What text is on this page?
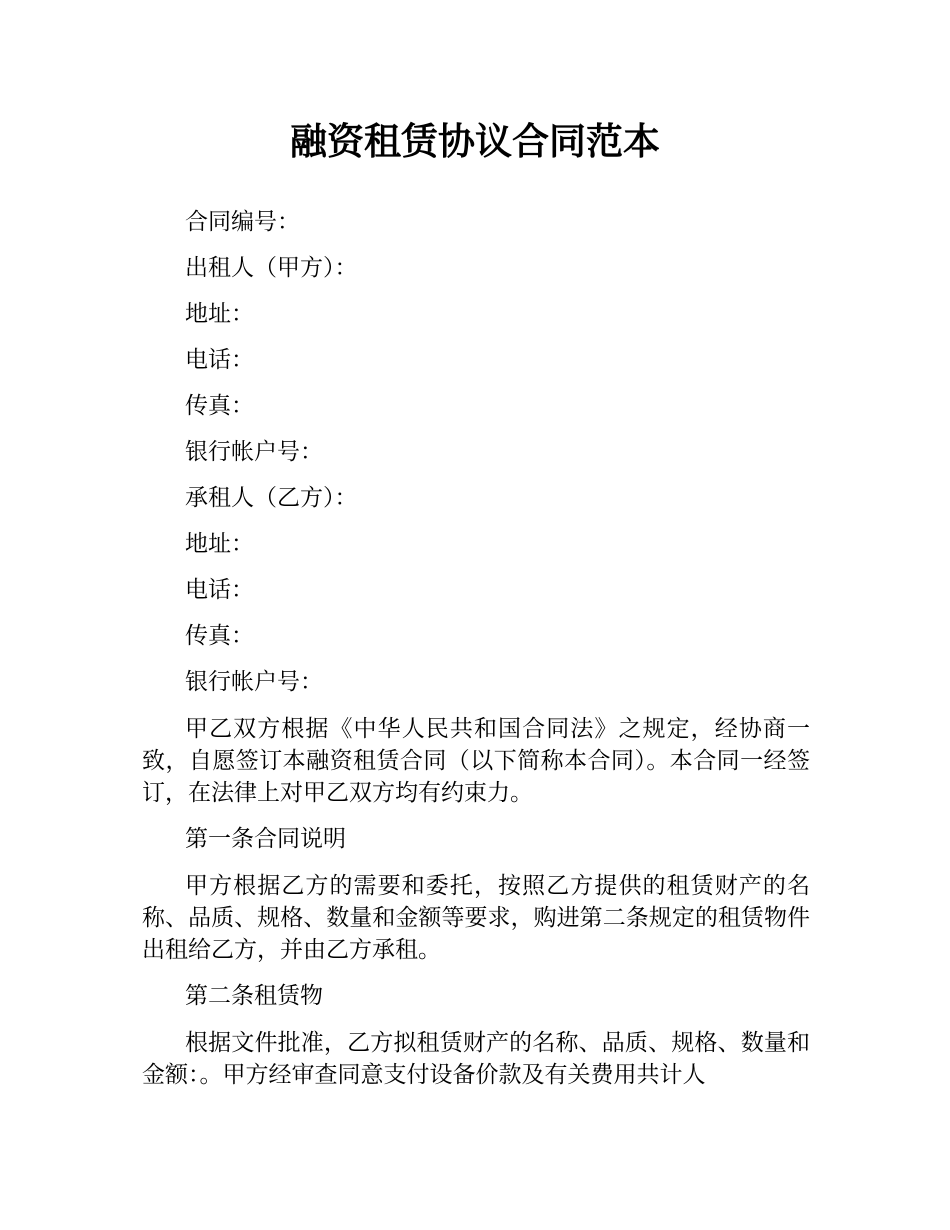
融资租赁协议合同范本

合同编号：

出租人（甲方）：

地址：

电话：

传真：

银行帐户号：

承租人（乙方）：

地址：

电话：

传真：

银行帐户号：

甲乙双方根据《中华人民共和国合同法》之规定，经协商一致，自愿签订本融资租赁合同（以下简称本合同）。本合同一经签订，在法律上对甲乙双方均有约束力。

第一条合同说明

甲方根据乙方的需要和委托，按照乙方提供的租赁财产的名称、品质、规格、数量和金额等要求，购进第二条规定的租赁物件出租给乙方，并由乙方承租。

第二条租赁物

根据文件批准，乙方拟租赁财产的名称、品质、规格、数量和金额：。甲方经审查同意支付设备价款及有关费用共计人
